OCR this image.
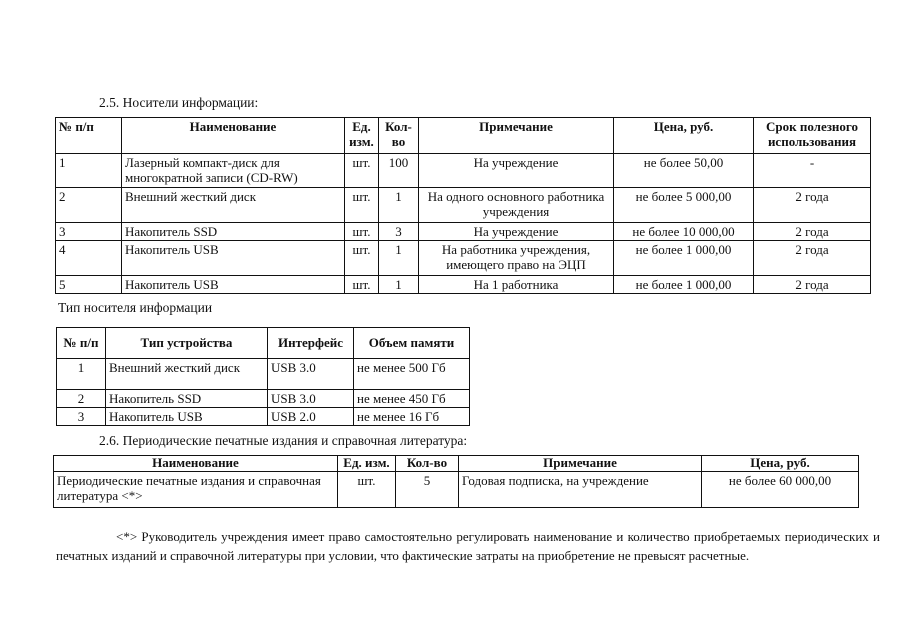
2.5. Носители информации:
№ п/п	Наименование	Ед. изм.	Кол-во	Примечание	Цена, руб.	Срок полезного использования
1	Лазерный компакт-диск для многократной записи (CD-RW)	шт.	100	На учреждение	не более 50,00	-
2	Внешний жесткий диск	шт.	1	На одного основного работника учреждения	не более 5 000,00	2 года
3	Накопитель SSD	шт.	3	На учреждение	не более 10 000,00	2 года
4	Накопитель USB	шт.	1	На работника учреждения, имеющего право на ЭЦП	не более 1 000,00	2 года
5	Накопитель USB	шт.	1	На 1 работника	не более 1 000,00	2 года
Тип носителя информации
№ п/п	Тип устройства	Интерфейс	Объем памяти
1	Внешний жесткий диск	USB 3.0	не менее 500 Гб
2	Накопитель SSD	USB 3.0	не менее 450 Гб
3	Накопитель USB	USB 2.0	не менее 16 Гб
2.6. Периодические печатные издания и справочная литература:
Наименование	Ед. изм.	Кол-во	Примечание	Цена, руб.
Периодические печатные издания и справочная литература <*>	шт.	5	Годовая подписка, на учреждение	не более 60 000,00

<*> Руководитель учреждения имеет право самостоятельно регулировать наименование и количество приобретаемых периодических и печатных изданий и справочной литературы при условии, что фактические затраты на приобретение не превысят расчетные.
